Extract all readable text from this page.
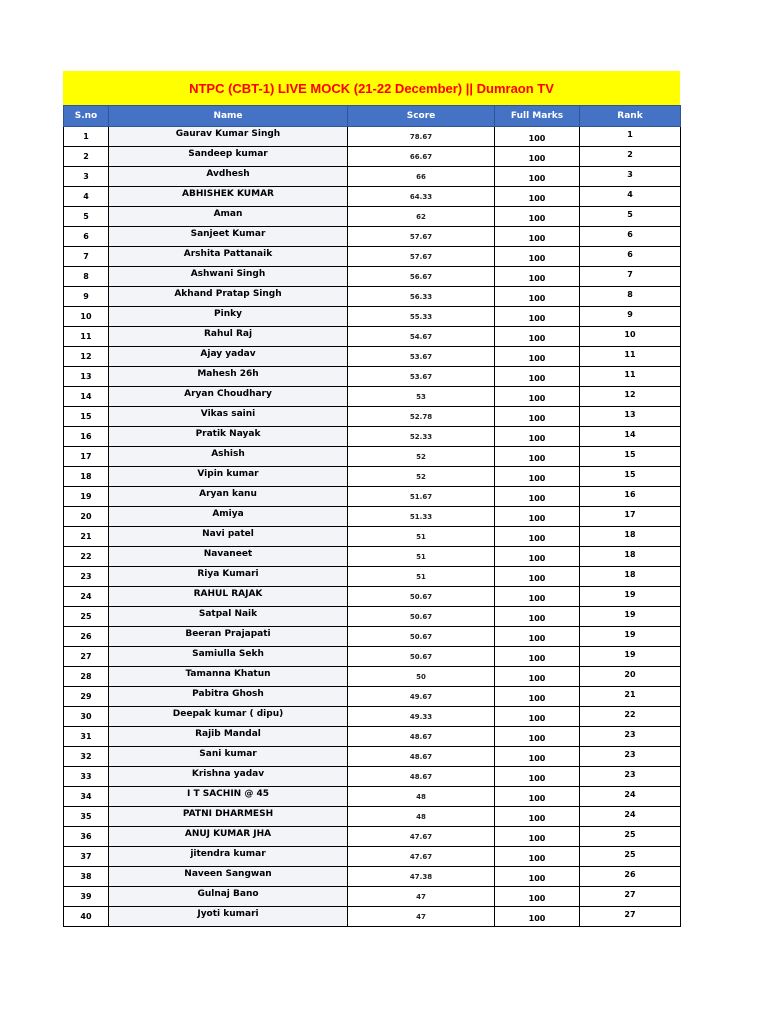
NTPC (CBT-1) LIVE MOCK (21-22 December) || Dumraon TV
S.no	Name	Score	Full Marks	Rank
1	Gaurav Kumar Singh	78.67	100	1
2	Sandeep kumar	66.67	100	2
3	Avdhesh	66	100	3
4	ABHISHEK KUMAR	64.33	100	4
5	Aman	62	100	5
6	Sanjeet Kumar	57.67	100	6
7	Arshita Pattanaik	57.67	100	6
8	Ashwani Singh	56.67	100	7
9	Akhand Pratap Singh	56.33	100	8
10	Pinky	55.33	100	9
11	Rahul Raj	54.67	100	10
12	Ajay yadav	53.67	100	11
13	Mahesh 26h	53.67	100	11
14	Aryan Choudhary	53	100	12
15	Vikas saini	52.78	100	13
16	Pratik Nayak	52.33	100	14
17	Ashish	52	100	15
18	Vipin kumar	52	100	15
19	Aryan kanu	51.67	100	16
20	Amiya	51.33	100	17
21	Navi patel	51	100	18
22	Navaneet	51	100	18
23	Riya Kumari	51	100	18
24	RAHUL RAJAK	50.67	100	19
25	Satpal Naik	50.67	100	19
26	Beeran Prajapati	50.67	100	19
27	Samiulla Sekh	50.67	100	19
28	Tamanna Khatun	50	100	20
29	Pabitra Ghosh	49.67	100	21
30	Deepak kumar ( dipu)	49.33	100	22
31	Rajib Mandal	48.67	100	23
32	Sani kumar	48.67	100	23
33	Krishna yadav	48.67	100	23
34	I T SACHIN @ 45	48	100	24
35	PATNI DHARMESH	48	100	24
36	ANUJ KUMAR JHA	47.67	100	25
37	jitendra kumar	47.67	100	25
38	Naveen Sangwan	47.38	100	26
39	Gulnaj Bano	47	100	27
40	Jyoti kumari	47	100	27
